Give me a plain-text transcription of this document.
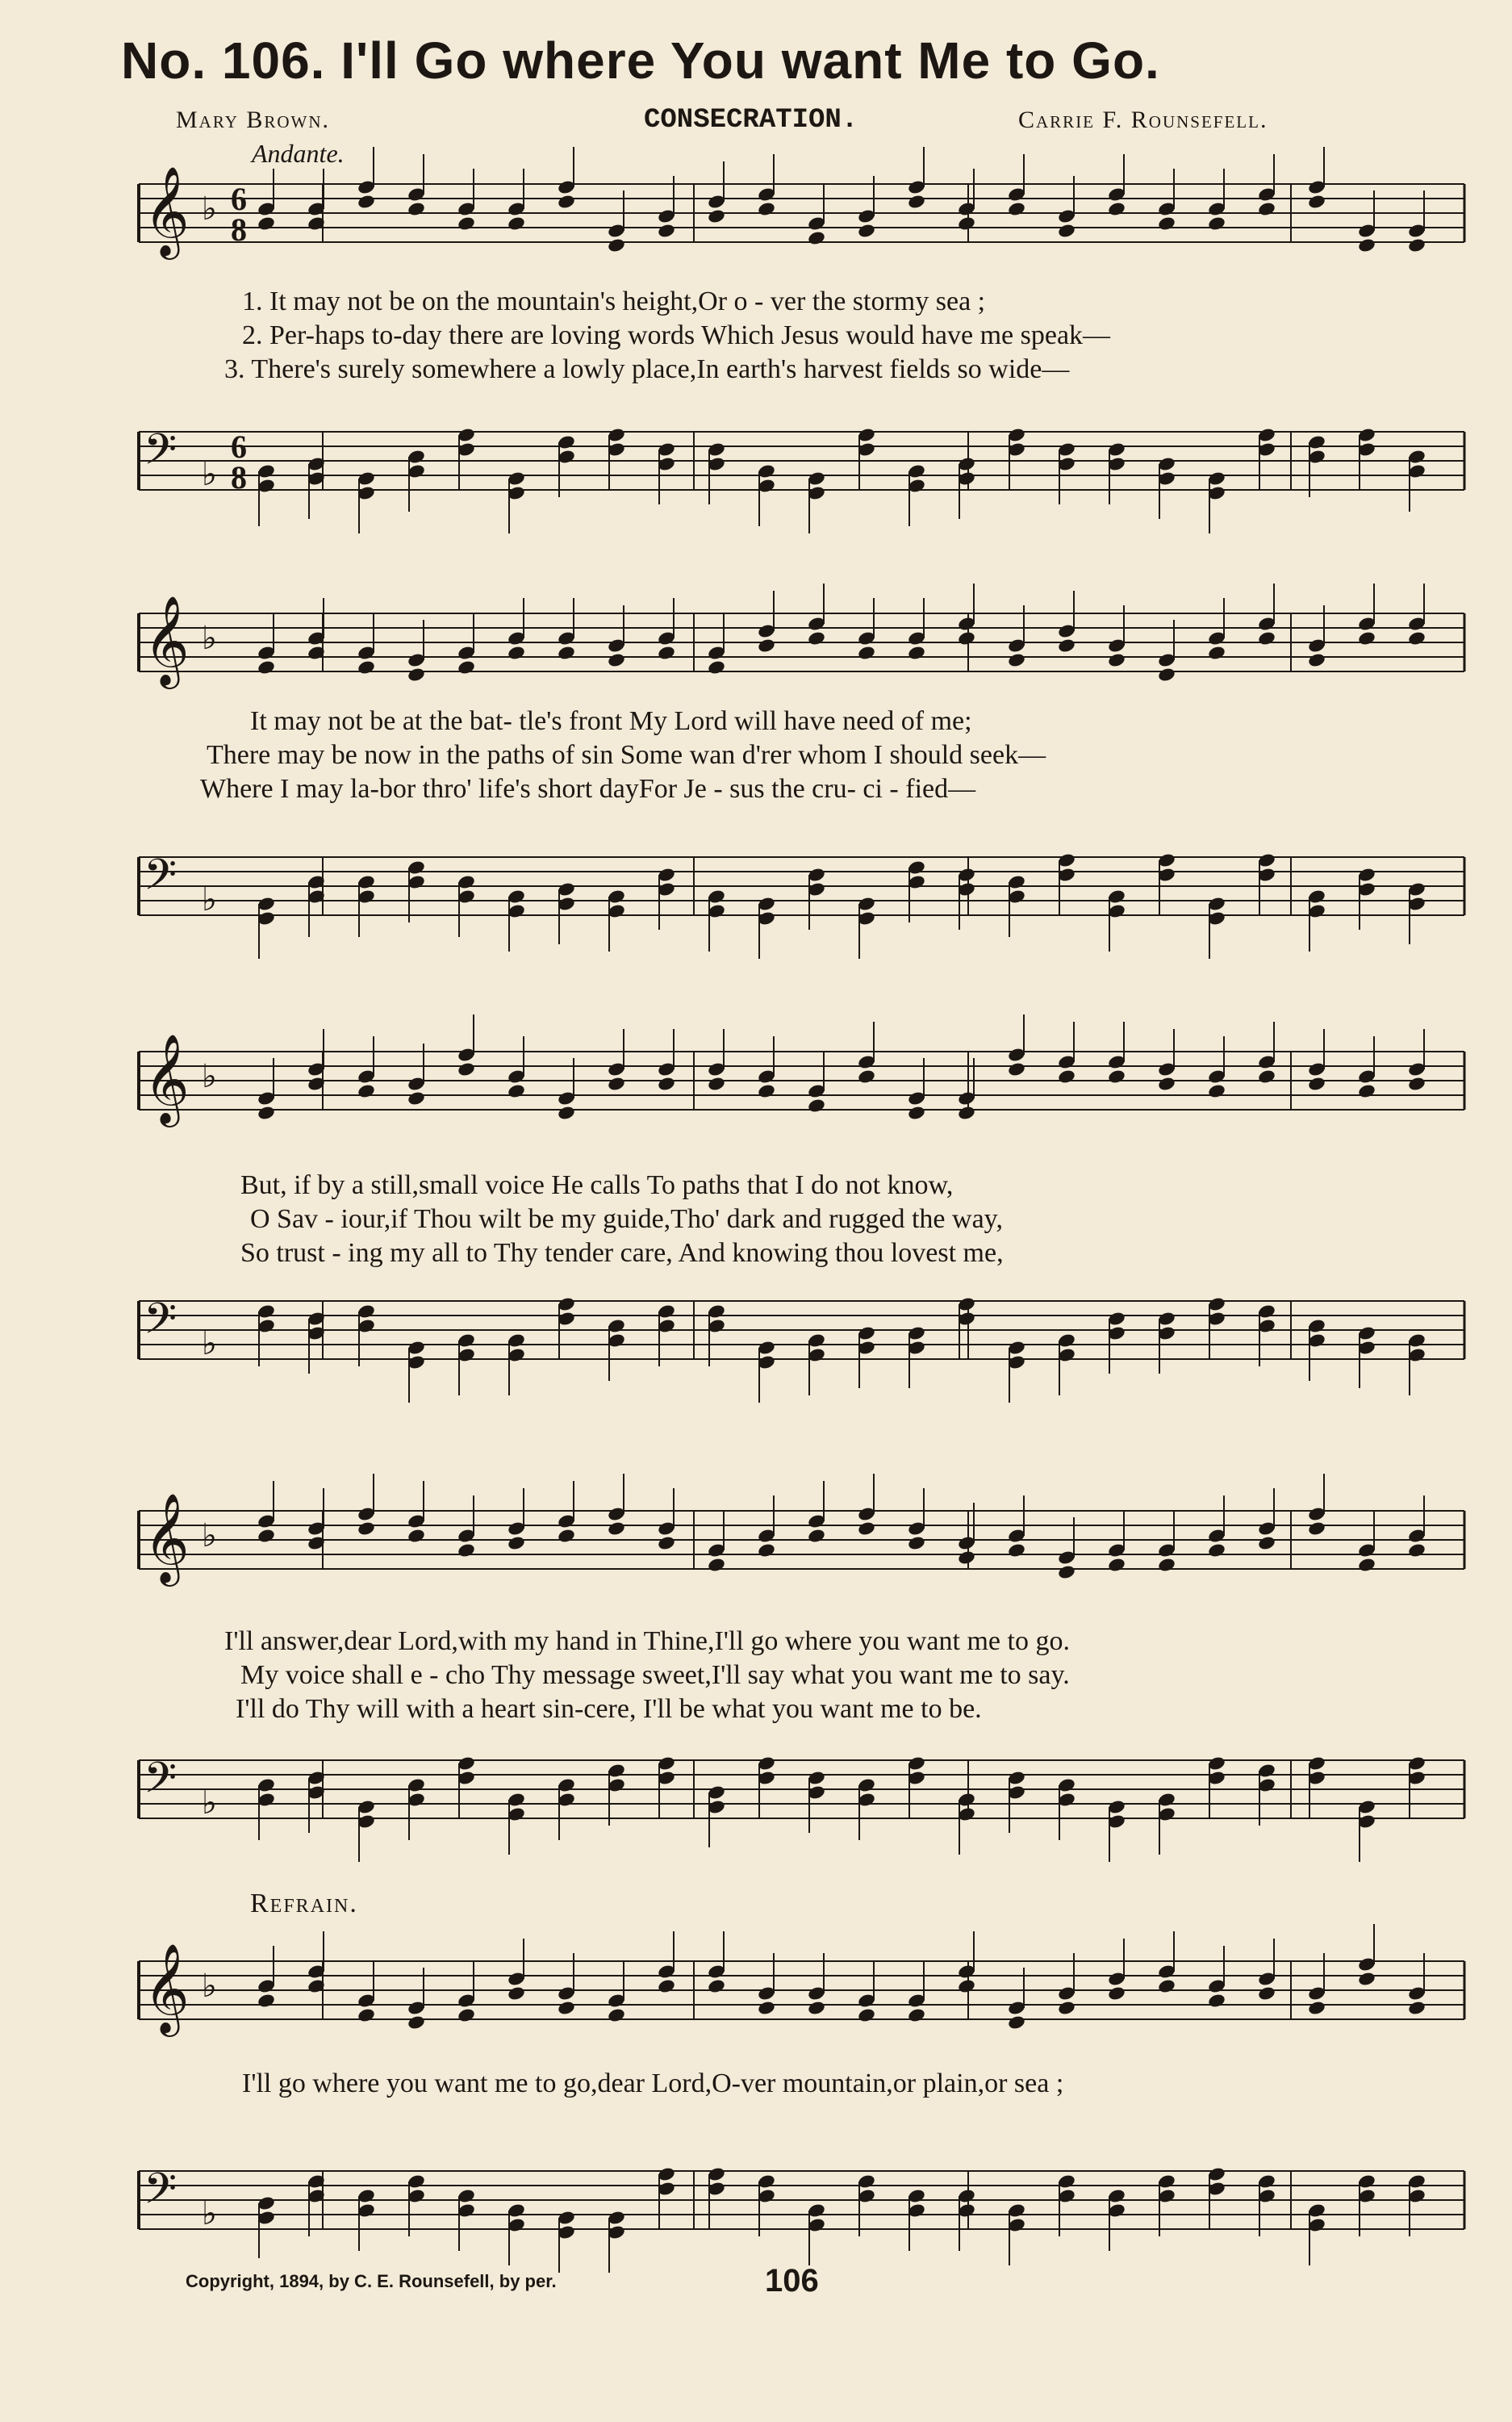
No. 106. I'll Go where You want Me to Go.
Mary Brown.	CONSECRATION.	Carrie F. Rounsefell.
Andante.
𝄞 ♭ 6
8
1. It may not be on the mountain's height,Or o - ver the stormy sea ;
2. Per-haps to-day there are loving words Which Jesus would have me speak—
3. There's surely somewhere a lowly place,In earth's harvest fields so wide—
𝄢 ♭
6
8
𝄞 ♭
It may not be at the bat- tle's front My Lord will have need of me;
There may be now in the paths of sin Some wan d'rer whom I should seek—
Where I may la-bor thro' life's short dayFor Je - sus the cru- ci - fied—
𝄢 ♭
𝄞 ♭
But, if by a still,small voice He calls To paths that I do not know,
O Sav - iour,if Thou wilt be my guide,Tho' dark and rugged the way,
So trust - ing my all to Thy tender care, And knowing thou lovest me,
𝄢 ♭
𝄞 ♭
I'll answer,dear Lord,with my hand in Thine,I'll go where you want me to go.
My voice shall e - cho Thy message sweet,I'll say what you want me to say.
I'll do Thy will with a heart sin-cere, I'll be what you want me to be.
𝄢 ♭
𝄞 ♭
I'll go where you want me to go,dear Lord,O-ver mountain,or plain,or sea ;
𝄢 ♭
Refrain.
Copyright, 1894, by C. E. Rounsefell, by per.	106
